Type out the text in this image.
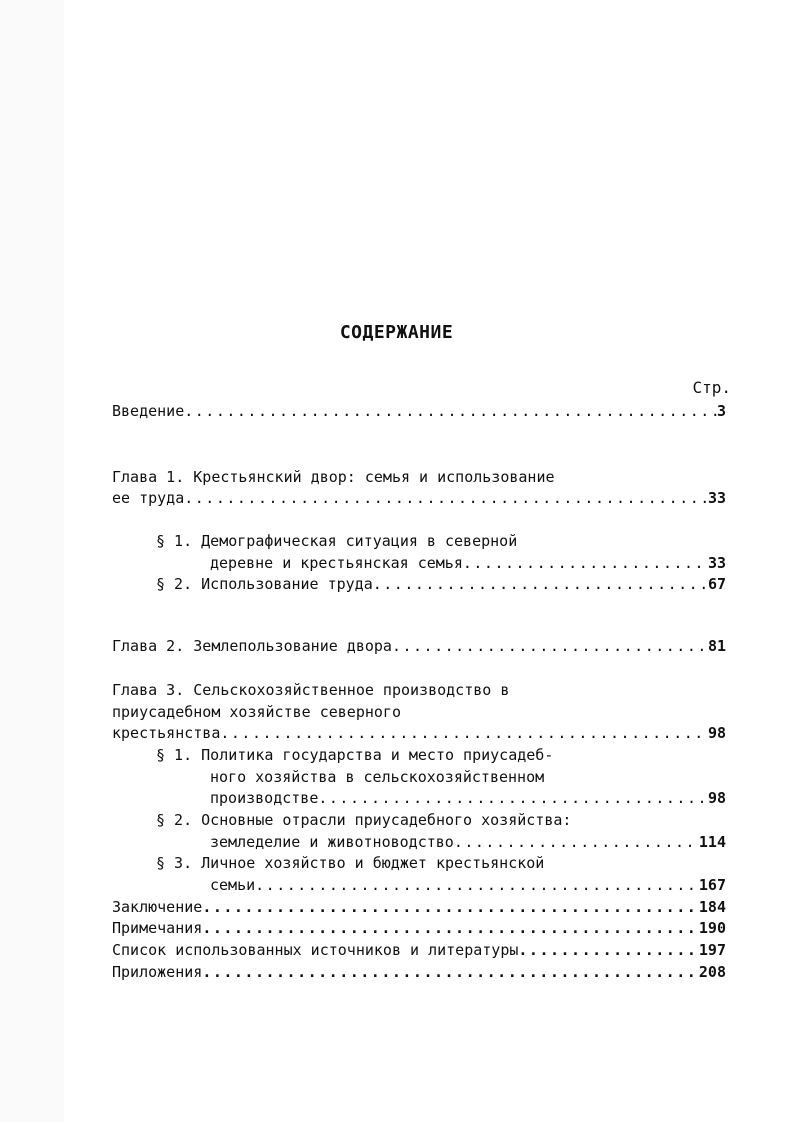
СОДЕРЖАНИЕ
Стр.
Введение .....	3
Глава 1. Крестьянский двор: семья и использование
ее труда .....	33
§ 1. Демографическая ситуация в северной
деревне и крестьянская семья .....	33
§ 2. Использование труда .....	67
Глава 2. Землепользование двора .....	81
Глава 3. Сельскохозяйственное производство в
приусадебном хозяйстве северного
крестьянства .....	98
§ 1. Политика государства и место приусадеб-
ного хозяйства в сельскохозяйственном
производстве .....	98
§ 2. Основные отрасли приусадебного хозяйства:
земледелие и животноводство .....	114
§ 3. Личное хозяйство и бюджет крестьянской
семьи .....	167
Заключение .....	184
Примечания .....	190
Список использованных источников и литературы .....	197
Приложения .....	208
